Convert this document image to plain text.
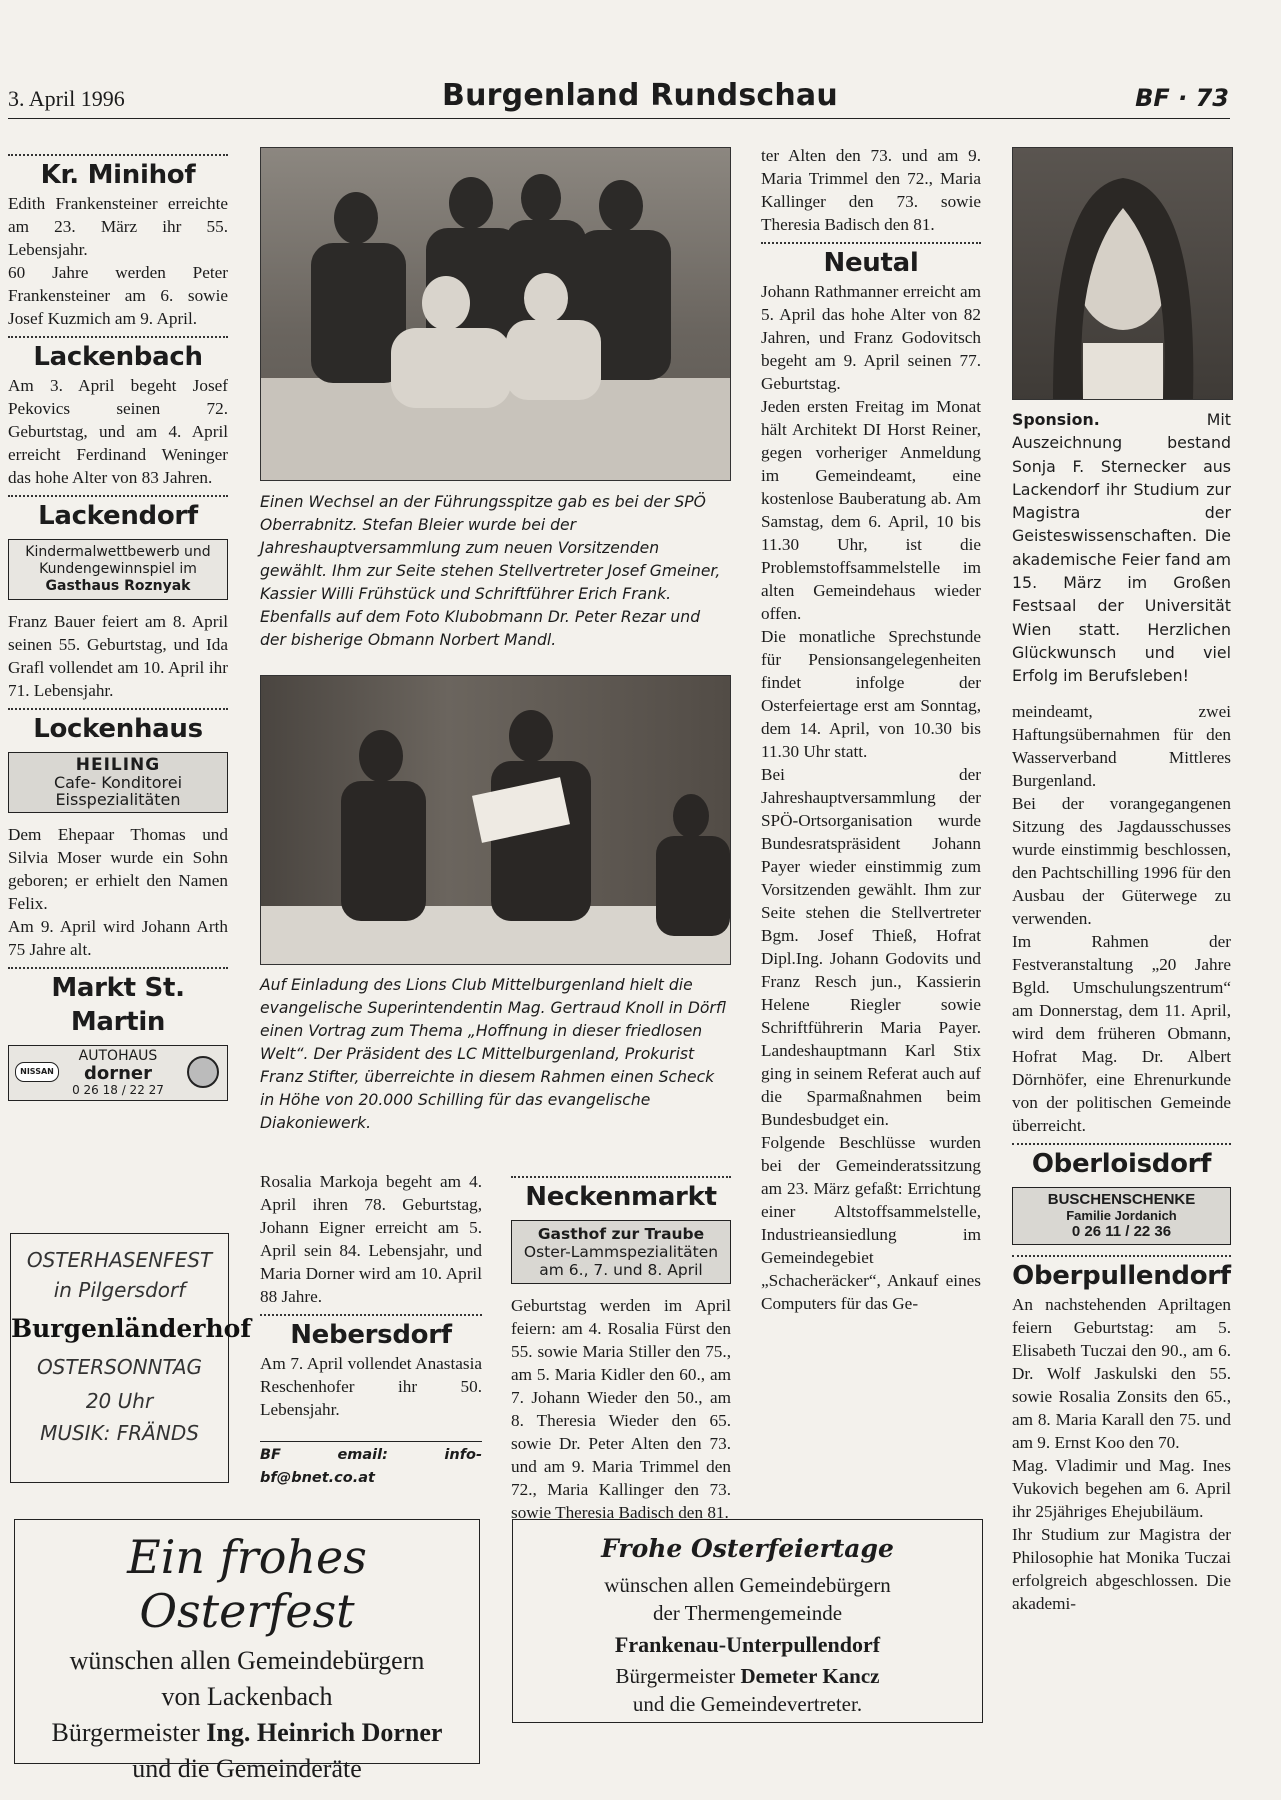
3. April 1996	Burgenland Rundschau	BF · 73
Kr. Minihof

Edith Frankensteiner erreichte am 23. März ihr 55. Lebensjahr.

60 Jahre werden Peter Frankensteiner am 6. sowie Josef Kuzmich am 9. April.

Lackenbach

Am 3. April begeht Josef Pekovics seinen 72. Geburtstag, und am 4. April erreicht Ferdinand Weninger das hohe Alter von 83 Jahren.

Lackendorf
Kindermalwettbewerb und
Kundengewinnspiel im
Gasthaus Roznyak

Franz Bauer feiert am 8. April seinen 55. Geburtstag, und Ida Grafl vollendet am 10. April ihr 71. Lebensjahr.

Lockenhaus
HEILING
Cafe- Konditorei
Eisspezialitäten

Dem Ehepaar Thomas und Silvia Moser wurde ein Sohn geboren; er erhielt den Namen Felix.

Am 9. April wird Johann Arth 75 Jahre alt.

Markt St. Martin
NISSAN
AUTOHAUS
dorner
0 26 18 / 22 27
OSTERHASENFEST
in Pilgersdorf
Burgenländerhof
OSTERSONNTAG
20 Uhr
MUSIK: FRÄNDS
Einen Wechsel an der Führungsspitze gab es bei der SPÖ Oberrabnitz. Stefan Bleier wurde bei der Jahreshauptversammlung zum neuen Vorsitzenden gewählt. Ihm zur Seite stehen Stellvertreter Josef Gmeiner, Kassier Willi Frühstück und Schriftführer Erich Frank. Ebenfalls auf dem Foto Klubobmann Dr. Peter Rezar und der bisherige Obmann Norbert Mandl.
Auf Einladung des Lions Club Mittelburgenland hielt die evangelische Superintendentin Mag. Gertraud Knoll in Dörfl einen Vortrag zum Thema „Hoffnung in dieser friedlosen Welt“. Der Präsident des LC Mittelburgenland, Prokurist Franz Stifter, überreichte in diesem Rahmen einen Scheck in Höhe von 20.000 Schilling für das evangelische Diakoniewerk.

Rosalia Markoja begeht am 4. April ihren 78. Geburtstag, Johann Eigner erreicht am 5. April sein 84. Lebensjahr, und Maria Dorner wird am 10. April 88 Jahre.

Nebersdorf

Am 7. April vollendet Anastasia Reschenhofer ihr 50. Lebensjahr.

BF email: info-bf@bnet.co.at
Neckenmarkt
Gasthof zur Traube
Oster-Lammspezialitäten
am 6., 7. und 8. April

Geburtstag werden im April feiern: am 4. Rosalia Fürst den 55. sowie Maria Stiller den 75., am 5. Maria Kidler den 60., am 7. Johann Wieder den 50., am 8. Theresia Wieder den 65. sowie Dr. Peter Alten den 73. und am 9. Maria Trimmel den 72., Maria Kallinger den 73. sowie Theresia Badisch den 81.

ter Alten den 73. und am 9. Maria Trimmel den 72., Maria Kallinger den 73. sowie Theresia Badisch den 81.

Neutal

Johann Rathmanner erreicht am 5. April das hohe Alter von 82 Jahren, und Franz Godovitsch begeht am 9. April seinen 77. Geburtstag.

Jeden ersten Freitag im Monat hält Architekt DI Horst Reiner, gegen vorheriger Anmeldung im Gemeindeamt, eine kostenlose Bauberatung ab. Am Samstag, dem 6. April, 10 bis 11.30 Uhr, ist die Problemstoffsammelstelle im alten Gemeindehaus wieder offen.

Die monatliche Sprechstunde für Pensionsangelegenheiten findet infolge der Osterfeiertage erst am Sonntag, dem 14. April, von 10.30 bis 11.30 Uhr statt.

Bei der Jahreshauptversammlung der SPÖ-Ortsorganisation wurde Bundesratspräsident Johann Payer wieder einstimmig zum Vorsitzenden gewählt. Ihm zur Seite stehen die Stellvertreter Bgm. Josef Thieß, Hofrat Dipl.Ing. Johann Godovits und Franz Resch jun., Kassierin Helene Riegler sowie Schriftführerin Maria Payer. Landeshauptmann Karl Stix ging in seinem Referat auch auf die Sparmaßnahmen beim Bundesbudget ein.

Folgende Beschlüsse wurden bei der Gemeinderatssitzung am 23. März gefaßt: Errichtung einer Altstoffsammelstelle, Industrieansiedlung im Gemeindegebiet „Schacheräcker“, Ankauf eines Computers für das Ge-

Sponsion.	Mit Auszeichnung bestand Sonja F. Sternecker aus Lackendorf ihr Studium zur Magistra der Geisteswissenschaften. Die akademische Feier fand am 15. März im Großen Festsaal der Universität Wien statt. Herzlichen Glückwunsch und viel Erfolg im Berufsleben!

meindeamt, zwei Haftungsübernahmen für den Wasserverband Mittleres Burgenland.

Bei der vorangegangenen Sitzung des Jagdausschusses wurde einstimmig beschlossen, den Pachtschilling 1996 für den Ausbau der Güterwege zu verwenden.

Im Rahmen der Festveranstaltung „20 Jahre Bgld. Umschulungszentrum“ am Donnerstag, dem 11. April, wird dem früheren Obmann, Hofrat Mag. Dr. Albert Dörnhöfer, eine Ehrenurkunde von der politischen Gemeinde überreicht.

Oberloisdorf
BUSCHENSCHENKE
Familie Jordanich
0 26 11 / 22 36
Oberpullendorf

An nachstehenden Apriltagen feiern Geburtstag: am 5. Elisabeth Tuczai den 90., am 6. Dr. Wolf Jaskulski den 55. sowie Rosalia Zonsits den 65., am 8. Maria Karall den 75. und am 9. Ernst Koo den 70.

Mag. Vladimir und Mag. Ines Vukovich begehen am 6. April ihr 25jähriges Ehejubiläum.

Ihr Studium zur Magistra der Philosophie hat Monika Tuczai erfolgreich abgeschlossen. Die akademi-

Ein frohes Osterfest
wünschen allen Gemeindebürgern
von Lackenbach
Bürgermeister Ing. Heinrich Dorner
und die Gemeinderäte
Frohe Osterfeiertage
wünschen allen Gemeindebürgern
der Thermengemeinde
Frankenau-Unterpullendorf
Bürgermeister Demeter Kancz
und die Gemeindevertreter.
